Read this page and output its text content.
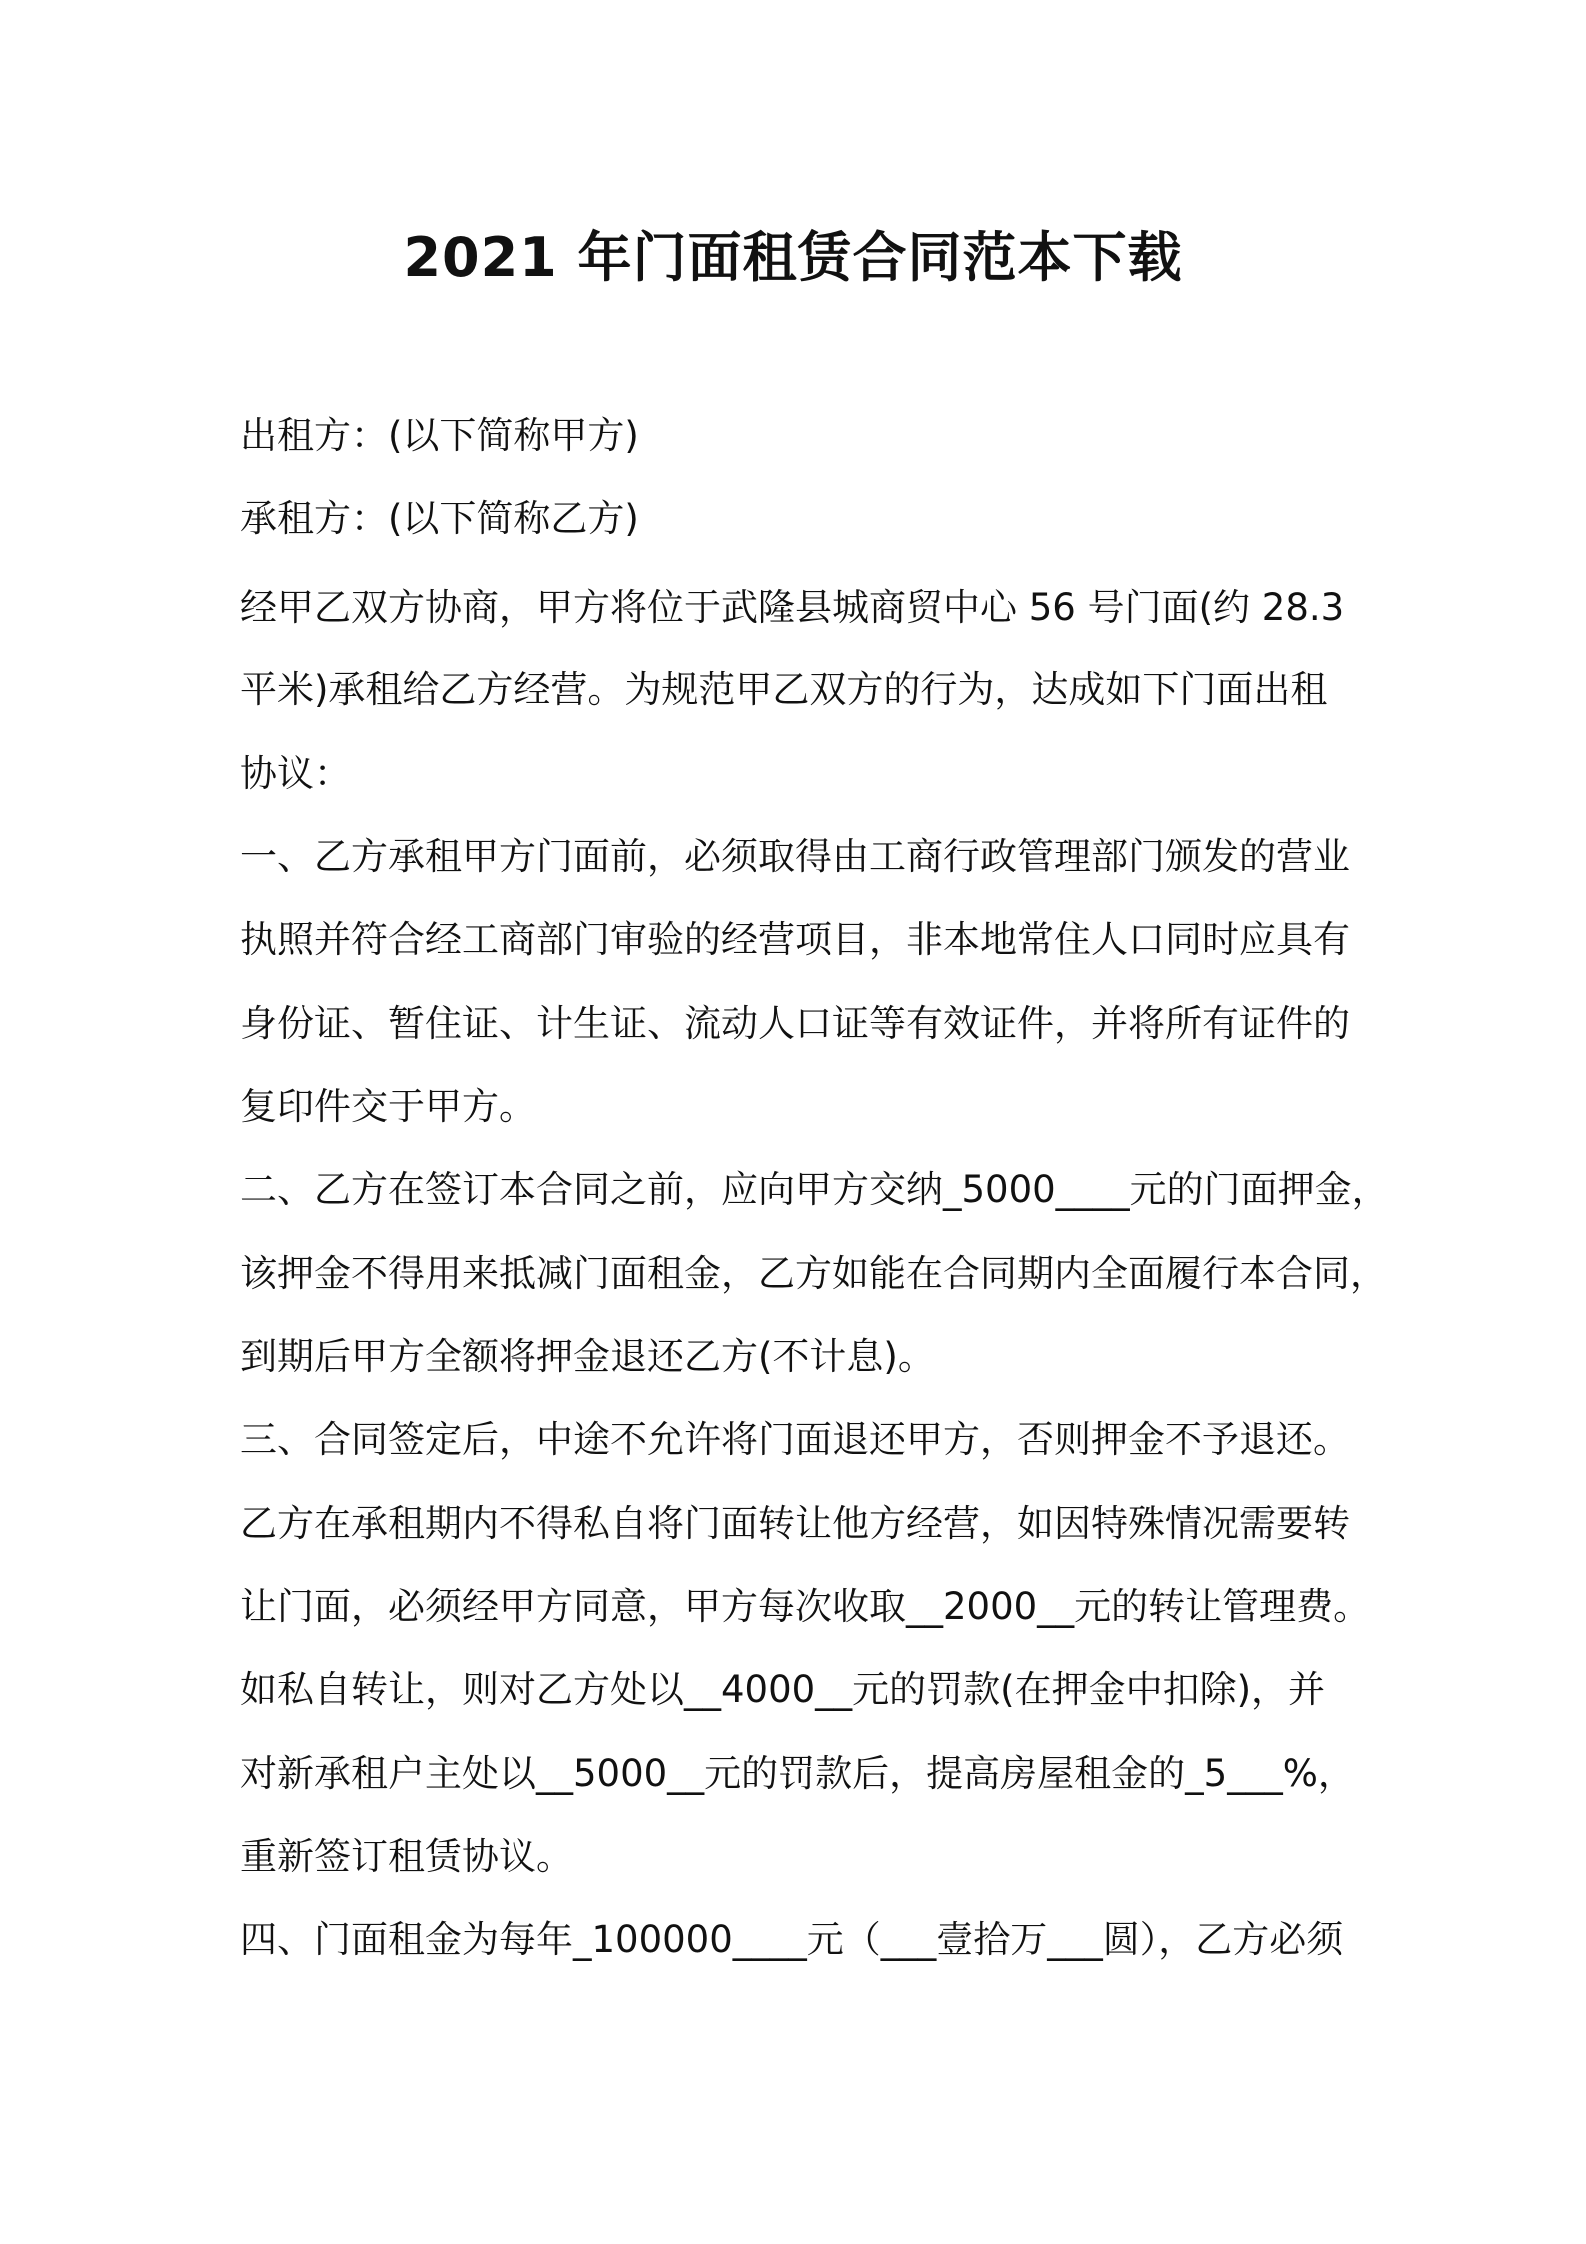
2021 年门面租赁合同范本下载

出租方：(以下简称甲方)

承租方：(以下简称乙方)

经甲乙双方协商，甲方将位于武隆县城商贸中心 56 号门面(约 28.3

平米)承租给乙方经营。为规范甲乙双方的行为，达成如下门面出租

协议：

一、乙方承租甲方门面前，必须取得由工商行政管理部门颁发的营业

执照并符合经工商部门审验的经营项目，非本地常住人口同时应具有

身份证、暂住证、计生证、流动人口证等有效证件，并将所有证件的

复印件交于甲方。

二、乙方在签订本合同之前，应向甲方交纳_5000____元的门面押金，

该押金不得用来抵减门面租金，乙方如能在合同期内全面履行本合同，

到期后甲方全额将押金退还乙方(不计息)。

三、合同签定后，中途不允许将门面退还甲方，否则押金不予退还。

乙方在承租期内不得私自将门面转让他方经营，如因特殊情况需要转

让门面，必须经甲方同意，甲方每次收取__2000__元的转让管理费。

如私自转让，则对乙方处以__4000__元的罚款(在押金中扣除)，并

对新承租户主处以__5000__元的罚款后，提高房屋租金的_5___%，

重新签订租赁协议。

四、门面租金为每年_100000____元（___壹拾万___圆），乙方必须
